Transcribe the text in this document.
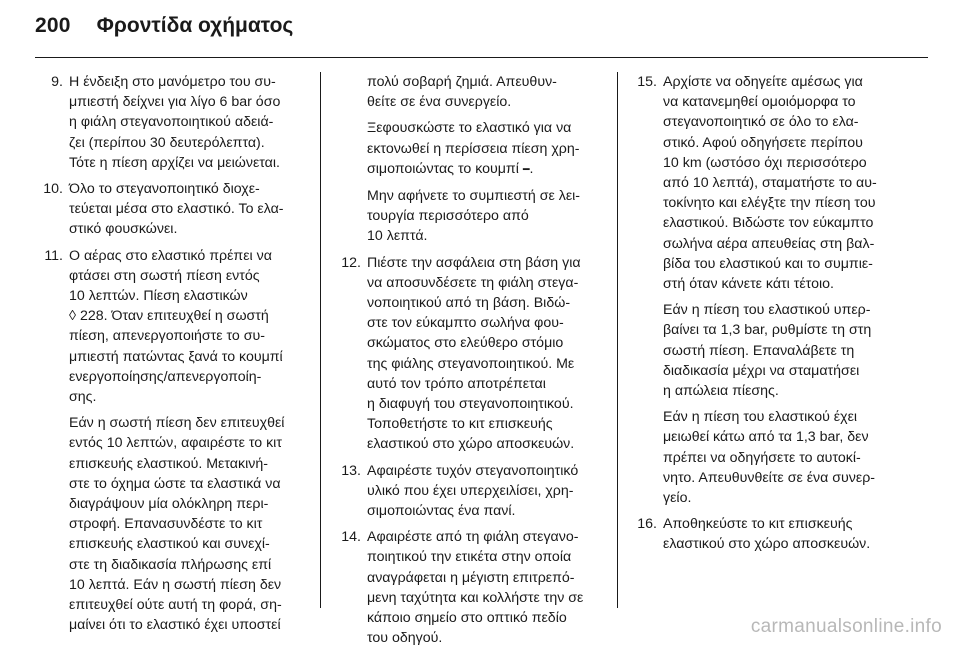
200 Φροντίδα οχήματος
9. Η ένδειξη στο μανόμετρο του συ-
μπιεστή δείχνει για λίγο 6 bar όσο
η φιάλη στεγανοποιητικού αδειά-
ζει (περίπου 30 δευτερόλεπτα).
Τότε η πίεση αρχίζει να μειώνεται.
10. Όλο το στεγανοποιητικό διοχε-
τεύεται μέσα στο ελαστικό. Το ελα-
στικό φουσκώνει.
11. Ο αέρας στο ελαστικό πρέπει να
φτάσει στη σωστή πίεση εντός
10 λεπτών. Πίεση ελαστικών
◊ 228. Όταν επιτευχθεί η σωστή
πίεση, απενεργοποιήστε το συ-
μπιεστή πατώντας ξανά το κουμπί
ενεργοποίησης/απενεργοποίη-
σης.
Εάν η σωστή πίεση δεν επιτευχθεί
εντός 10 λεπτών, αφαιρέστε το κιτ
επισκευής ελαστικού. Μετακινή-
στε το όχημα ώστε τα ελαστικά να
διαγράψουν μία ολόκληρη περι-
στροφή. Επανασυνδέστε το κιτ
επισκευής ελαστικού και συνεχί-
στε τη διαδικασία πλήρωσης επί
10 λεπτά. Εάν η σωστή πίεση δεν
επιτευχθεί ούτε αυτή τη φορά, ση-
μαίνει ότι το ελαστικό έχει υποστεί
πολύ σοβαρή ζημιά. Απευθυν-
θείτε σε ένα συνεργείο.
Ξεφουσκώστε το ελαστικό για να
εκτονωθεί η περίσσεια πίεση χρη-
σιμοποιώντας το κουμπί ━.
Μην αφήνετε το συμπιεστή σε λει-
τουργία περισσότερο από
10 λεπτά.
12. Πιέστε την ασφάλεια στη βάση για
να αποσυνδέσετε τη φιάλη στεγα-
νοποιητικού από τη βάση. Βιδώ-
στε τον εύκαμπτο σωλήνα φου-
σκώματος στο ελεύθερο στόμιο
της φιάλης στεγανοποιητικού. Με
αυτό τον τρόπο αποτρέπεται
η διαφυγή του στεγανοποιητικού.
Τοποθετήστε το κιτ επισκευής
ελαστικού στο χώρο αποσκευών.
13. Αφαιρέστε τυχόν στεγανοποιητικό
υλικό που έχει υπερχειλίσει, χρη-
σιμοποιώντας ένα πανί.
14. Αφαιρέστε από τη φιάλη στεγανο-
ποιητικού την ετικέτα στην οποία
αναγράφεται η μέγιστη επιτρεπό-
μενη ταχύτητα και κολλήστε την σε
κάποιο σημείο στο οπτικό πεδίο
του οδηγού.
15. Αρχίστε να οδηγείτε αμέσως για
να κατανεμηθεί ομοιόμορφα το
στεγανοποιητικό σε όλο το ελα-
στικό. Αφού οδηγήσετε περίπου
10 km (ωστόσο όχι περισσότερο
από 10 λεπτά), σταματήστε το αυ-
τοκίνητο και ελέγξτε την πίεση του
ελαστικού. Βιδώστε τον εύκαμπτο
σωλήνα αέρα απευθείας στη βαλ-
βίδα του ελαστικού και το συμπιε-
στή όταν κάνετε κάτι τέτοιο.
Εάν η πίεση του ελαστικού υπερ-
βαίνει τα 1,3 bar, ρυθμίστε τη στη
σωστή πίεση. Επαναλάβετε τη
διαδικασία μέχρι να σταματήσει
η απώλεια πίεσης.
Εάν η πίεση του ελαστικού έχει
μειωθεί κάτω από τα 1,3 bar, δεν
πρέπει να οδηγήσετε το αυτοκί-
νητο. Απευθυνθείτε σε ένα συνερ-
γείο.
16. Αποθηκεύστε το κιτ επισκευής
ελαστικού στο χώρο αποσκευών.
carmanualsonline.info
